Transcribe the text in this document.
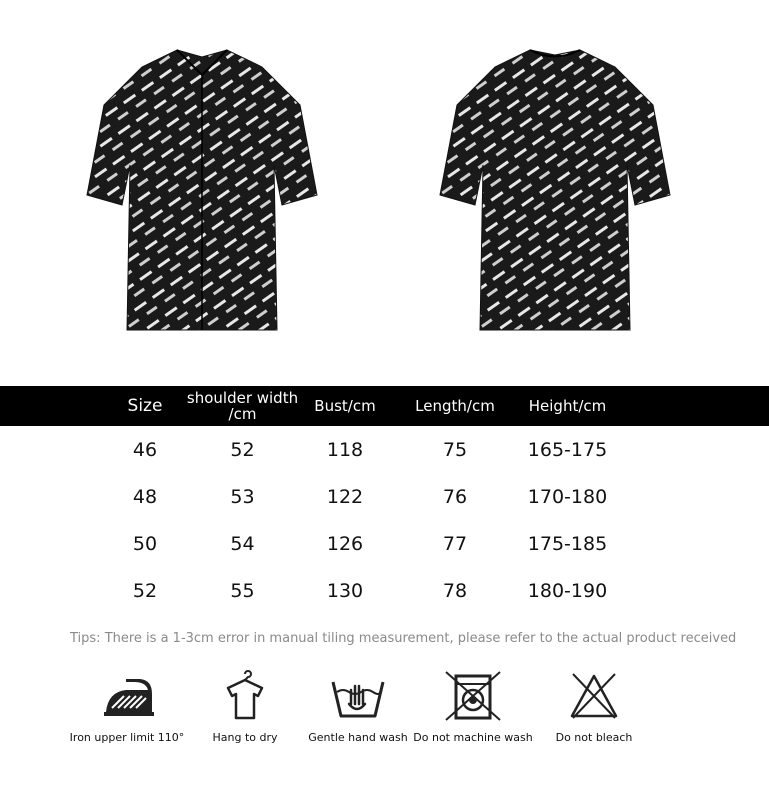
Size	shoulder width /cm	Bust/cm	Length/cm	Height/cm
46	52	118	75	165-175
48	53	122	76	170-180
50	54	126	77	175-185
52	55	130	78	180-190
Tips: There is a 1-3cm error in manual tiling measurement, please refer to the actual product received
Iron upper limit 110°	Hang to dry	Gentle hand wash Do not machine wash	Do not bleach
